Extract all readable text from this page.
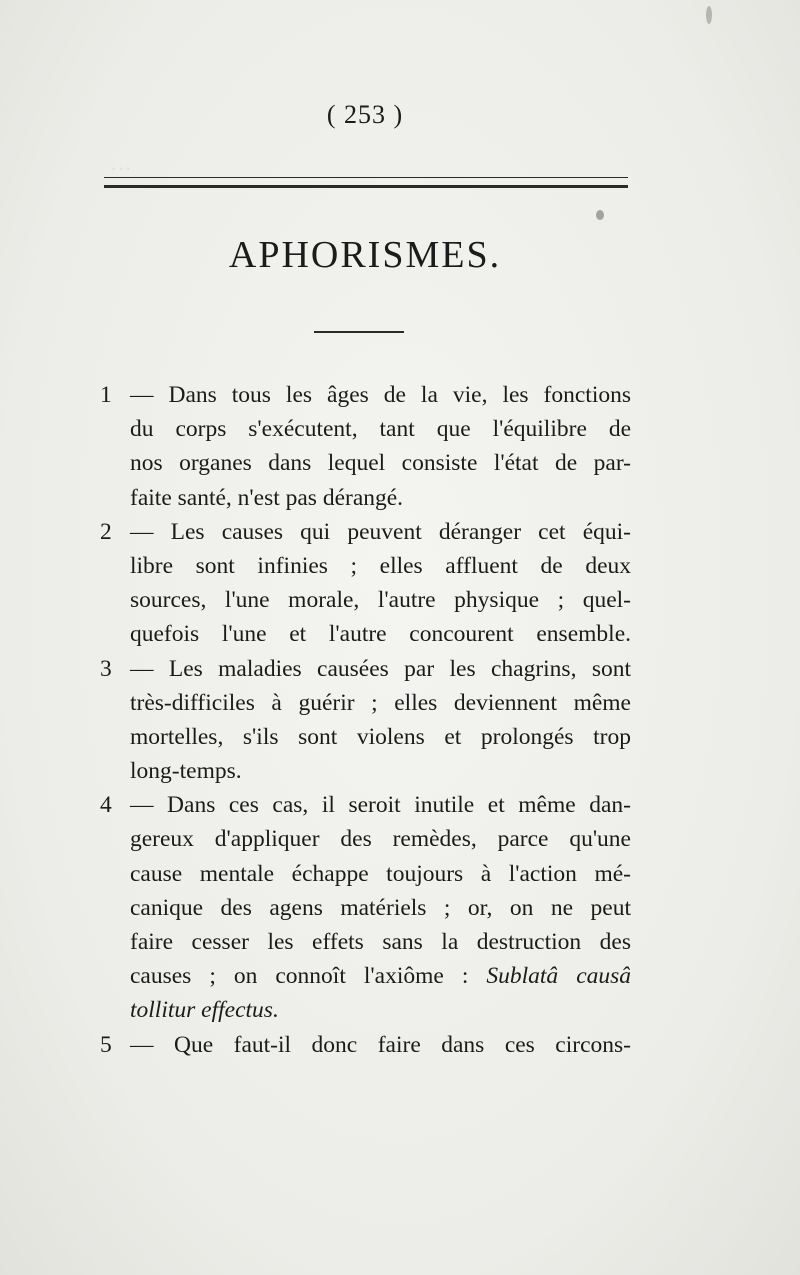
…
( 253 )
APHORISMES.
1 — Dans tous les âges de la vie, les fonctions
du corps s'exécutent, tant que l'équilibre de
nos organes dans lequel consiste l'état de par-
faite santé, n'est pas dérangé.
2 — Les causes qui peuvent déranger cet équi-
libre sont infinies ; elles affluent de deux
sources, l'une morale, l'autre physique ; quel-
quefois l'une et l'autre concourent ensemble.
3 — Les maladies causées par les chagrins, sont
très-difficiles à guérir ; elles deviennent même
mortelles, s'ils sont violens et prolongés trop
long-temps.
4 — Dans ces cas, il seroit inutile et même dan-
gereux d'appliquer des remèdes, parce qu'une
cause mentale échappe toujours à l'action mé-
canique des agens matériels ; or, on ne peut
faire cesser les effets sans la destruction des
causes ; on connoît l'axiôme : Sublatâ causâ
tollitur effectus.
5 — Que faut-il donc faire dans ces circons-
